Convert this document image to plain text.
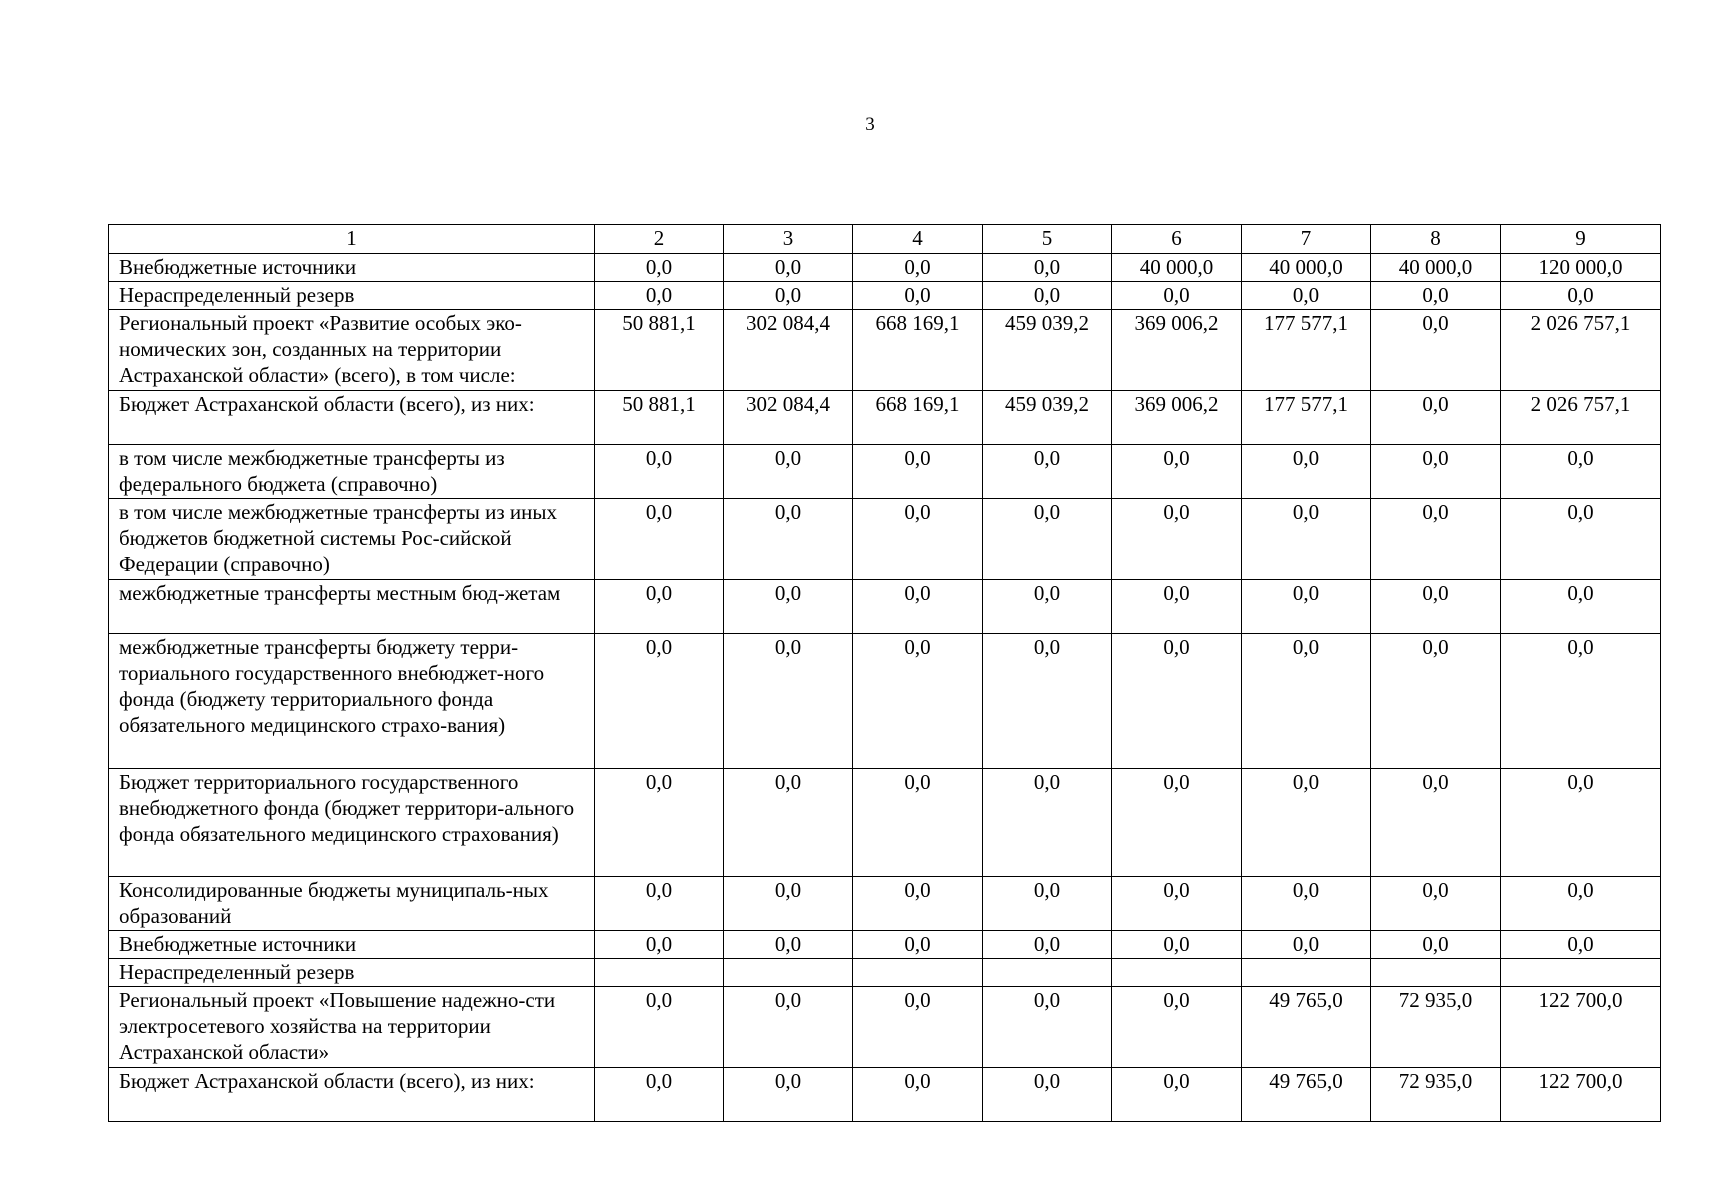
3
1	2	3	4	5	6	7	8	9
Внебюджетные источники	0,0	0,0	0,0	0,0	40 000,0	40 000,0	40 000,0	120 000,0
Нераспределенный резерв	0,0	0,0	0,0	0,0	0,0	0,0	0,0	0,0
Региональный проект «Развитие особых эко-номических зон, созданных на территории Астраханской области» (всего), в том числе:	50 881,1	302 084,4	668 169,1	459 039,2	369 006,2	177 577,1	0,0	2 026 757,1
Бюджет Астраханской области (всего), из них:	50 881,1	302 084,4	668 169,1	459 039,2	369 006,2	177 577,1	0,0	2 026 757,1
в том числе межбюджетные трансферты из федерального бюджета (справочно)	0,0	0,0	0,0	0,0	0,0	0,0	0,0	0,0
в том числе межбюджетные трансферты из иных бюджетов бюджетной системы Рос-сийской Федерации (справочно)	0,0	0,0	0,0	0,0	0,0	0,0	0,0	0,0
межбюджетные трансферты местным бюд-жетам	0,0	0,0	0,0	0,0	0,0	0,0	0,0	0,0
межбюджетные трансферты бюджету терри-ториального государственного внебюджет-ного фонда (бюджету территориального фонда обязательного медицинского страхо-вания)	0,0	0,0	0,0	0,0	0,0	0,0	0,0	0,0
Бюджет территориального государственного внебюджетного фонда (бюджет территори-ального фонда обязательного медицинского страхования)	0,0	0,0	0,0	0,0	0,0	0,0	0,0	0,0
Консолидированные бюджеты муниципаль-ных образований	0,0	0,0	0,0	0,0	0,0	0,0	0,0	0,0
Внебюджетные источники	0,0	0,0	0,0	0,0	0,0	0,0	0,0	0,0
Нераспределенный резерв								
Региональный проект «Повышение надежно-сти электросетевого хозяйства на территории Астраханской области»	0,0	0,0	0,0	0,0	0,0	49 765,0	72 935,0	122 700,0
Бюджет Астраханской области (всего), из них:	0,0	0,0	0,0	0,0	0,0	49 765,0	72 935,0	122 700,0
